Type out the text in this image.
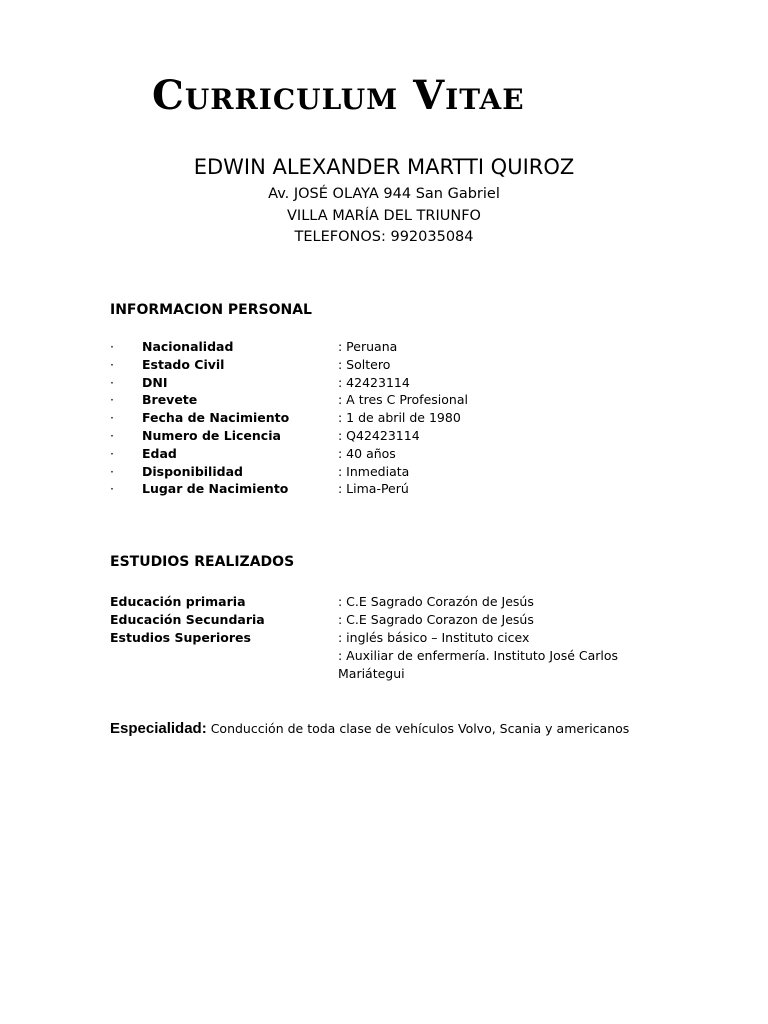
Curriculum Vitae
EDWIN ALEXANDER MARTTI QUIROZ
Av. JOSÉ OLAYA 944 San Gabriel
VILLA MARÍA DEL TRIUNFO
TELEFONOS: 992035084
INFORMACION PERSONAL
· Nacionalidad	: Peruana
· Estado Civil	: Soltero
· DNI	: 42423114
· Brevete	: A tres C Profesional
· Fecha de Nacimiento	: 1 de abril de 1980
· Numero de Licencia	: Q42423114
· Edad	: 40 años
· Disponibilidad	: Inmediata
· Lugar de Nacimiento	: Lima-Perú
ESTUDIOS REALIZADOS
Educación primaria	: C.E Sagrado Corazón de Jesús
Educación Secundaria	: C.E Sagrado Corazon de Jesús
Estudios Superiores	: inglés básico – Instituto cicex
: Auxiliar de enfermería. Instituto José Carlos Mariátegui
Especialidad: Conducción de toda clase de vehículos Volvo, Scania y americanos
